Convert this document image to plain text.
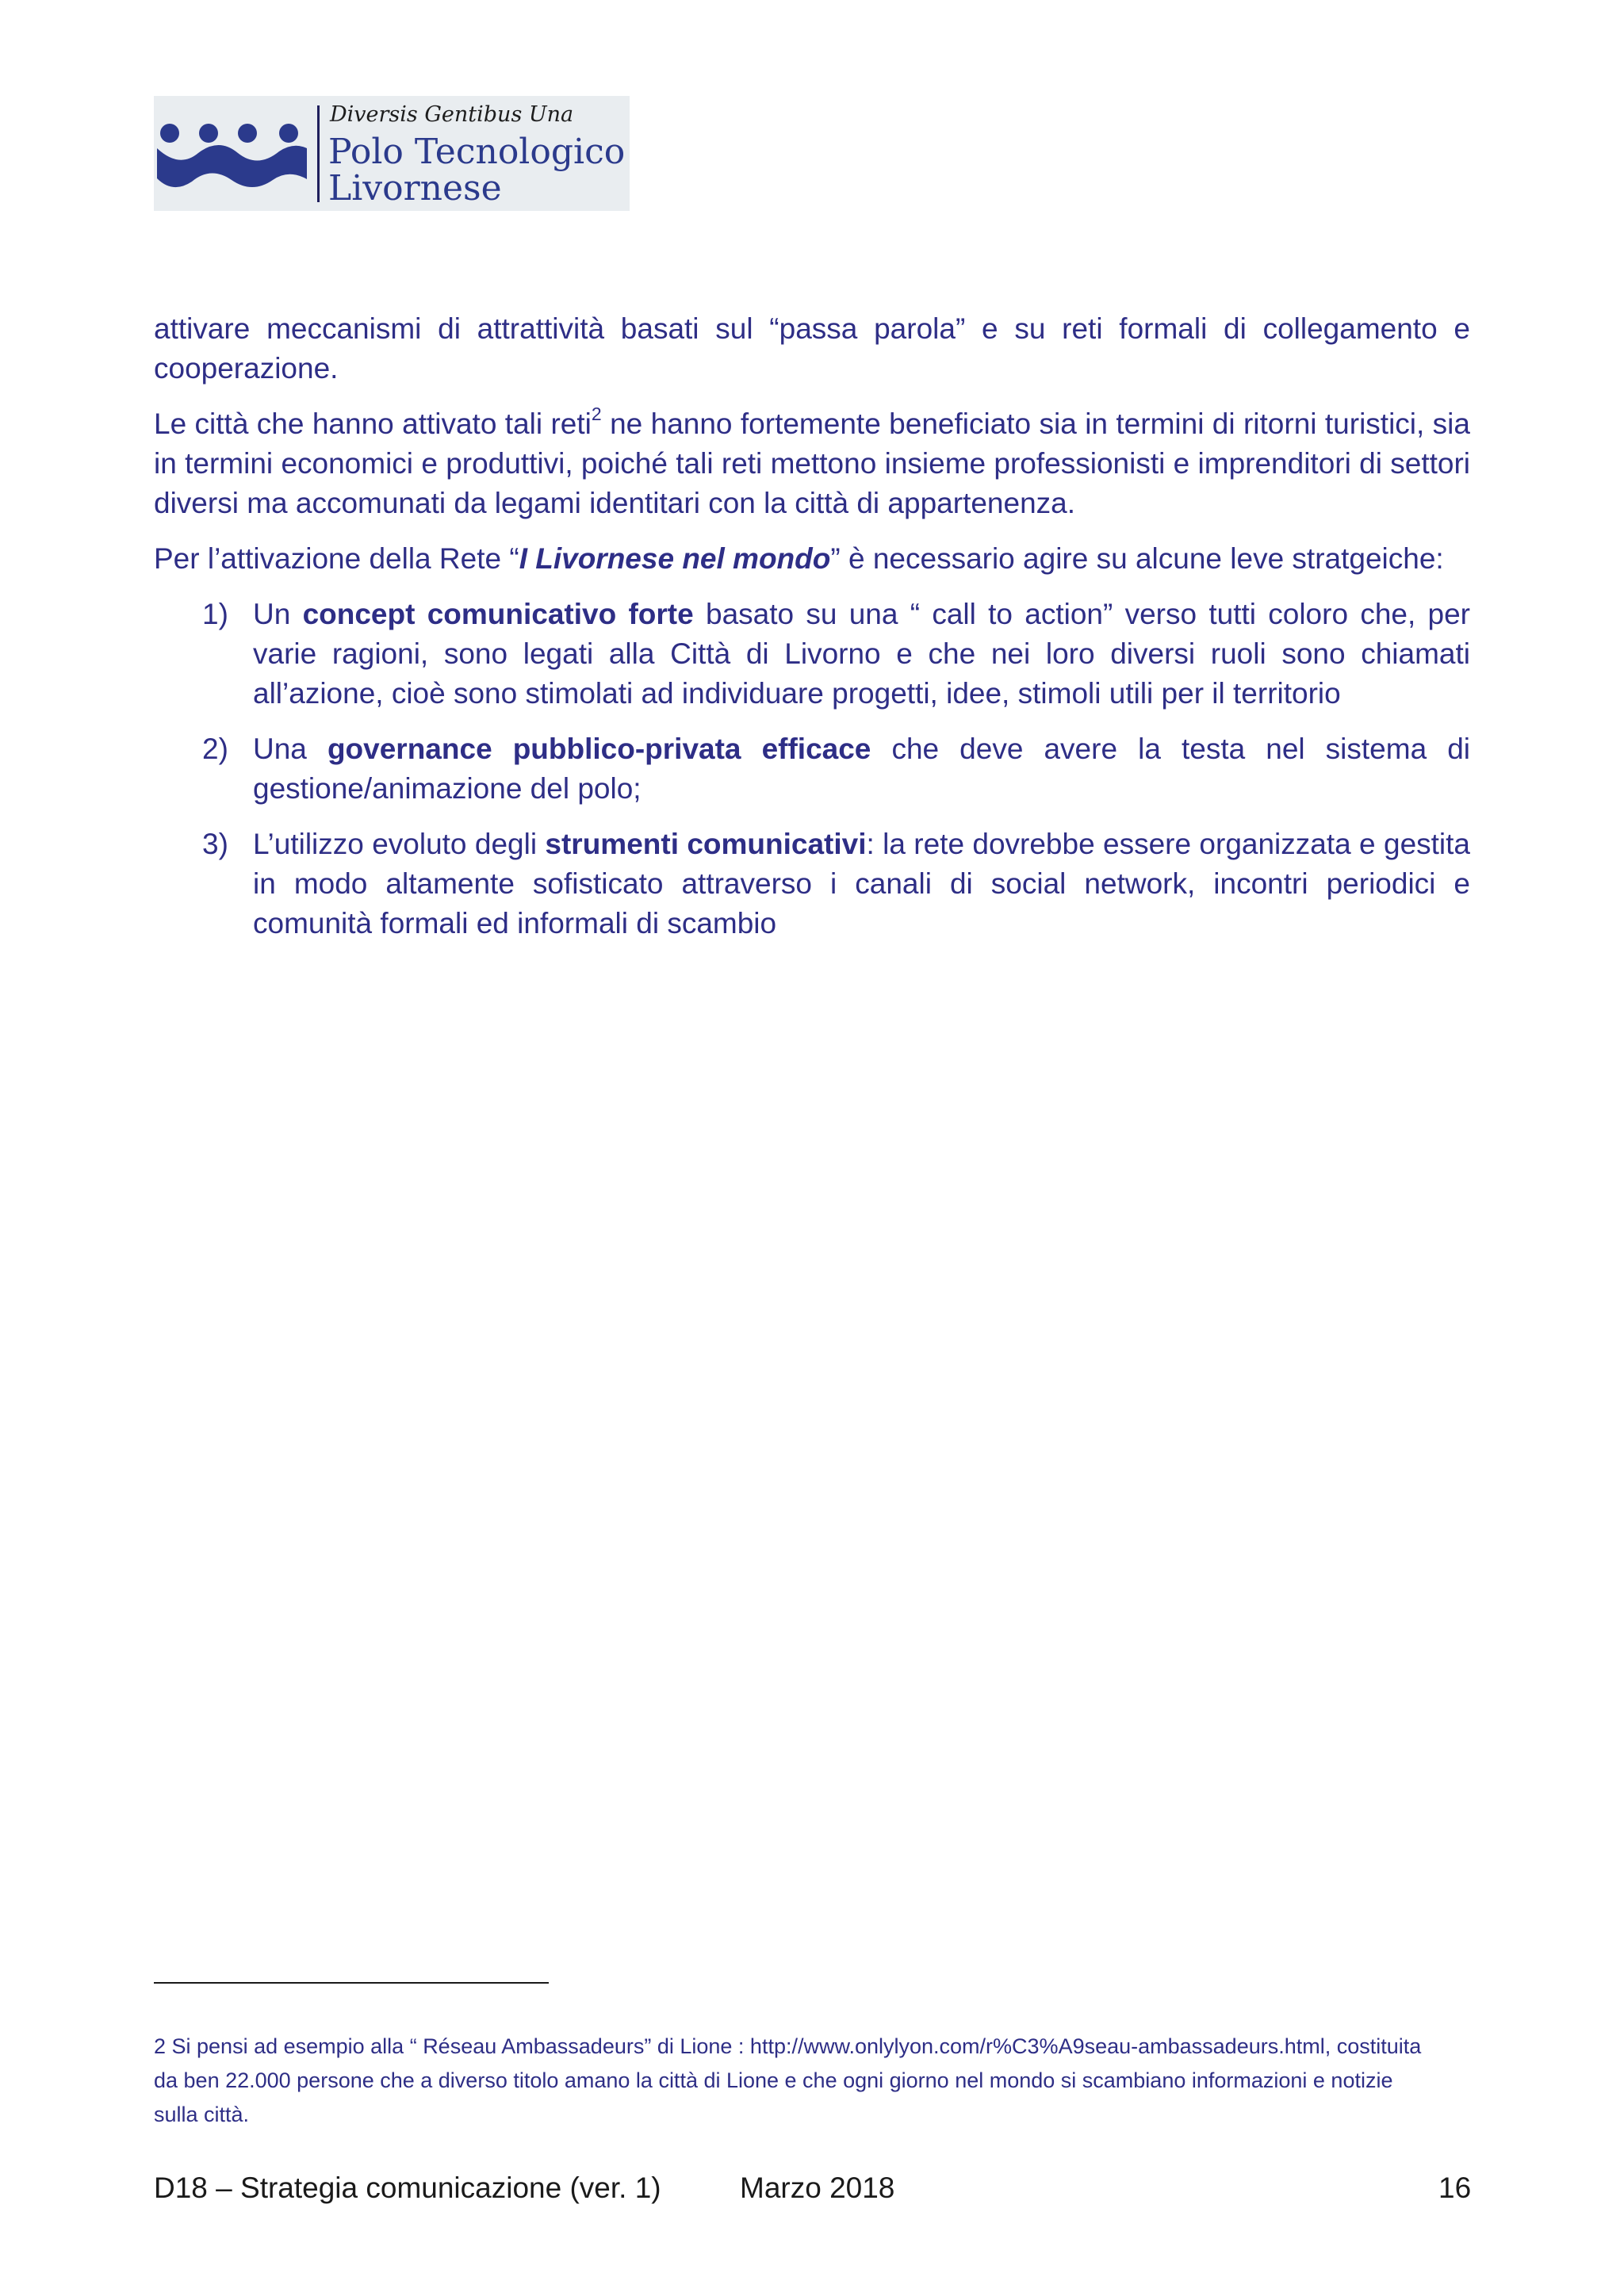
Diversis Gentibus Una
Polo Tecnologico
Livornese

attivare meccanismi di attrattività basati sul “passa parola” e su reti formali di collegamento e cooperazione.

Le città che hanno attivato tali reti$^2$ ne hanno fortemente beneficiato sia in termini di ritorni turistici, sia in termini economici e produttivi, poiché tali reti mettono insieme professionisti e imprenditori di settori diversi ma accomunati da legami identitari con la città di appartenenza.

Per l’attivazione della Rete “I Livornese nel mondo” è necessario agire su alcune leve stratgeiche:

1) Un concept comunicativo forte basato su una “ call to action” verso tutti coloro che, per varie ragioni, sono legati alla Città di Livorno e che nei loro diversi ruoli sono chiamati all’azione, cioè sono stimolati ad individuare progetti, idee, stimoli utili per il territorio
2) Una governance pubblico-privata efficace che deve avere la testa nel sistema di gestione/animazione del polo;
3) L’utilizzo evoluto degli strumenti comunicativi: la rete dovrebbe essere organizzata e gestita in modo altamente sofisticato attraverso i canali di social network, incontri periodici e comunità formali ed informali di scambio
2 Si pensi ad esempio alla “ Réseau Ambassadeurs” di Lione : http://www.onlylyon.com/r%C3%A9seau-ambassadeurs.html, costituita da ben 22.000 persone che a diverso titolo amano la città di Lione e che ogni giorno nel mondo si scambiano informazioni e notizie sulla città.
D18 – Strategia comunicazione (ver. 1)	Marzo 2018	16
